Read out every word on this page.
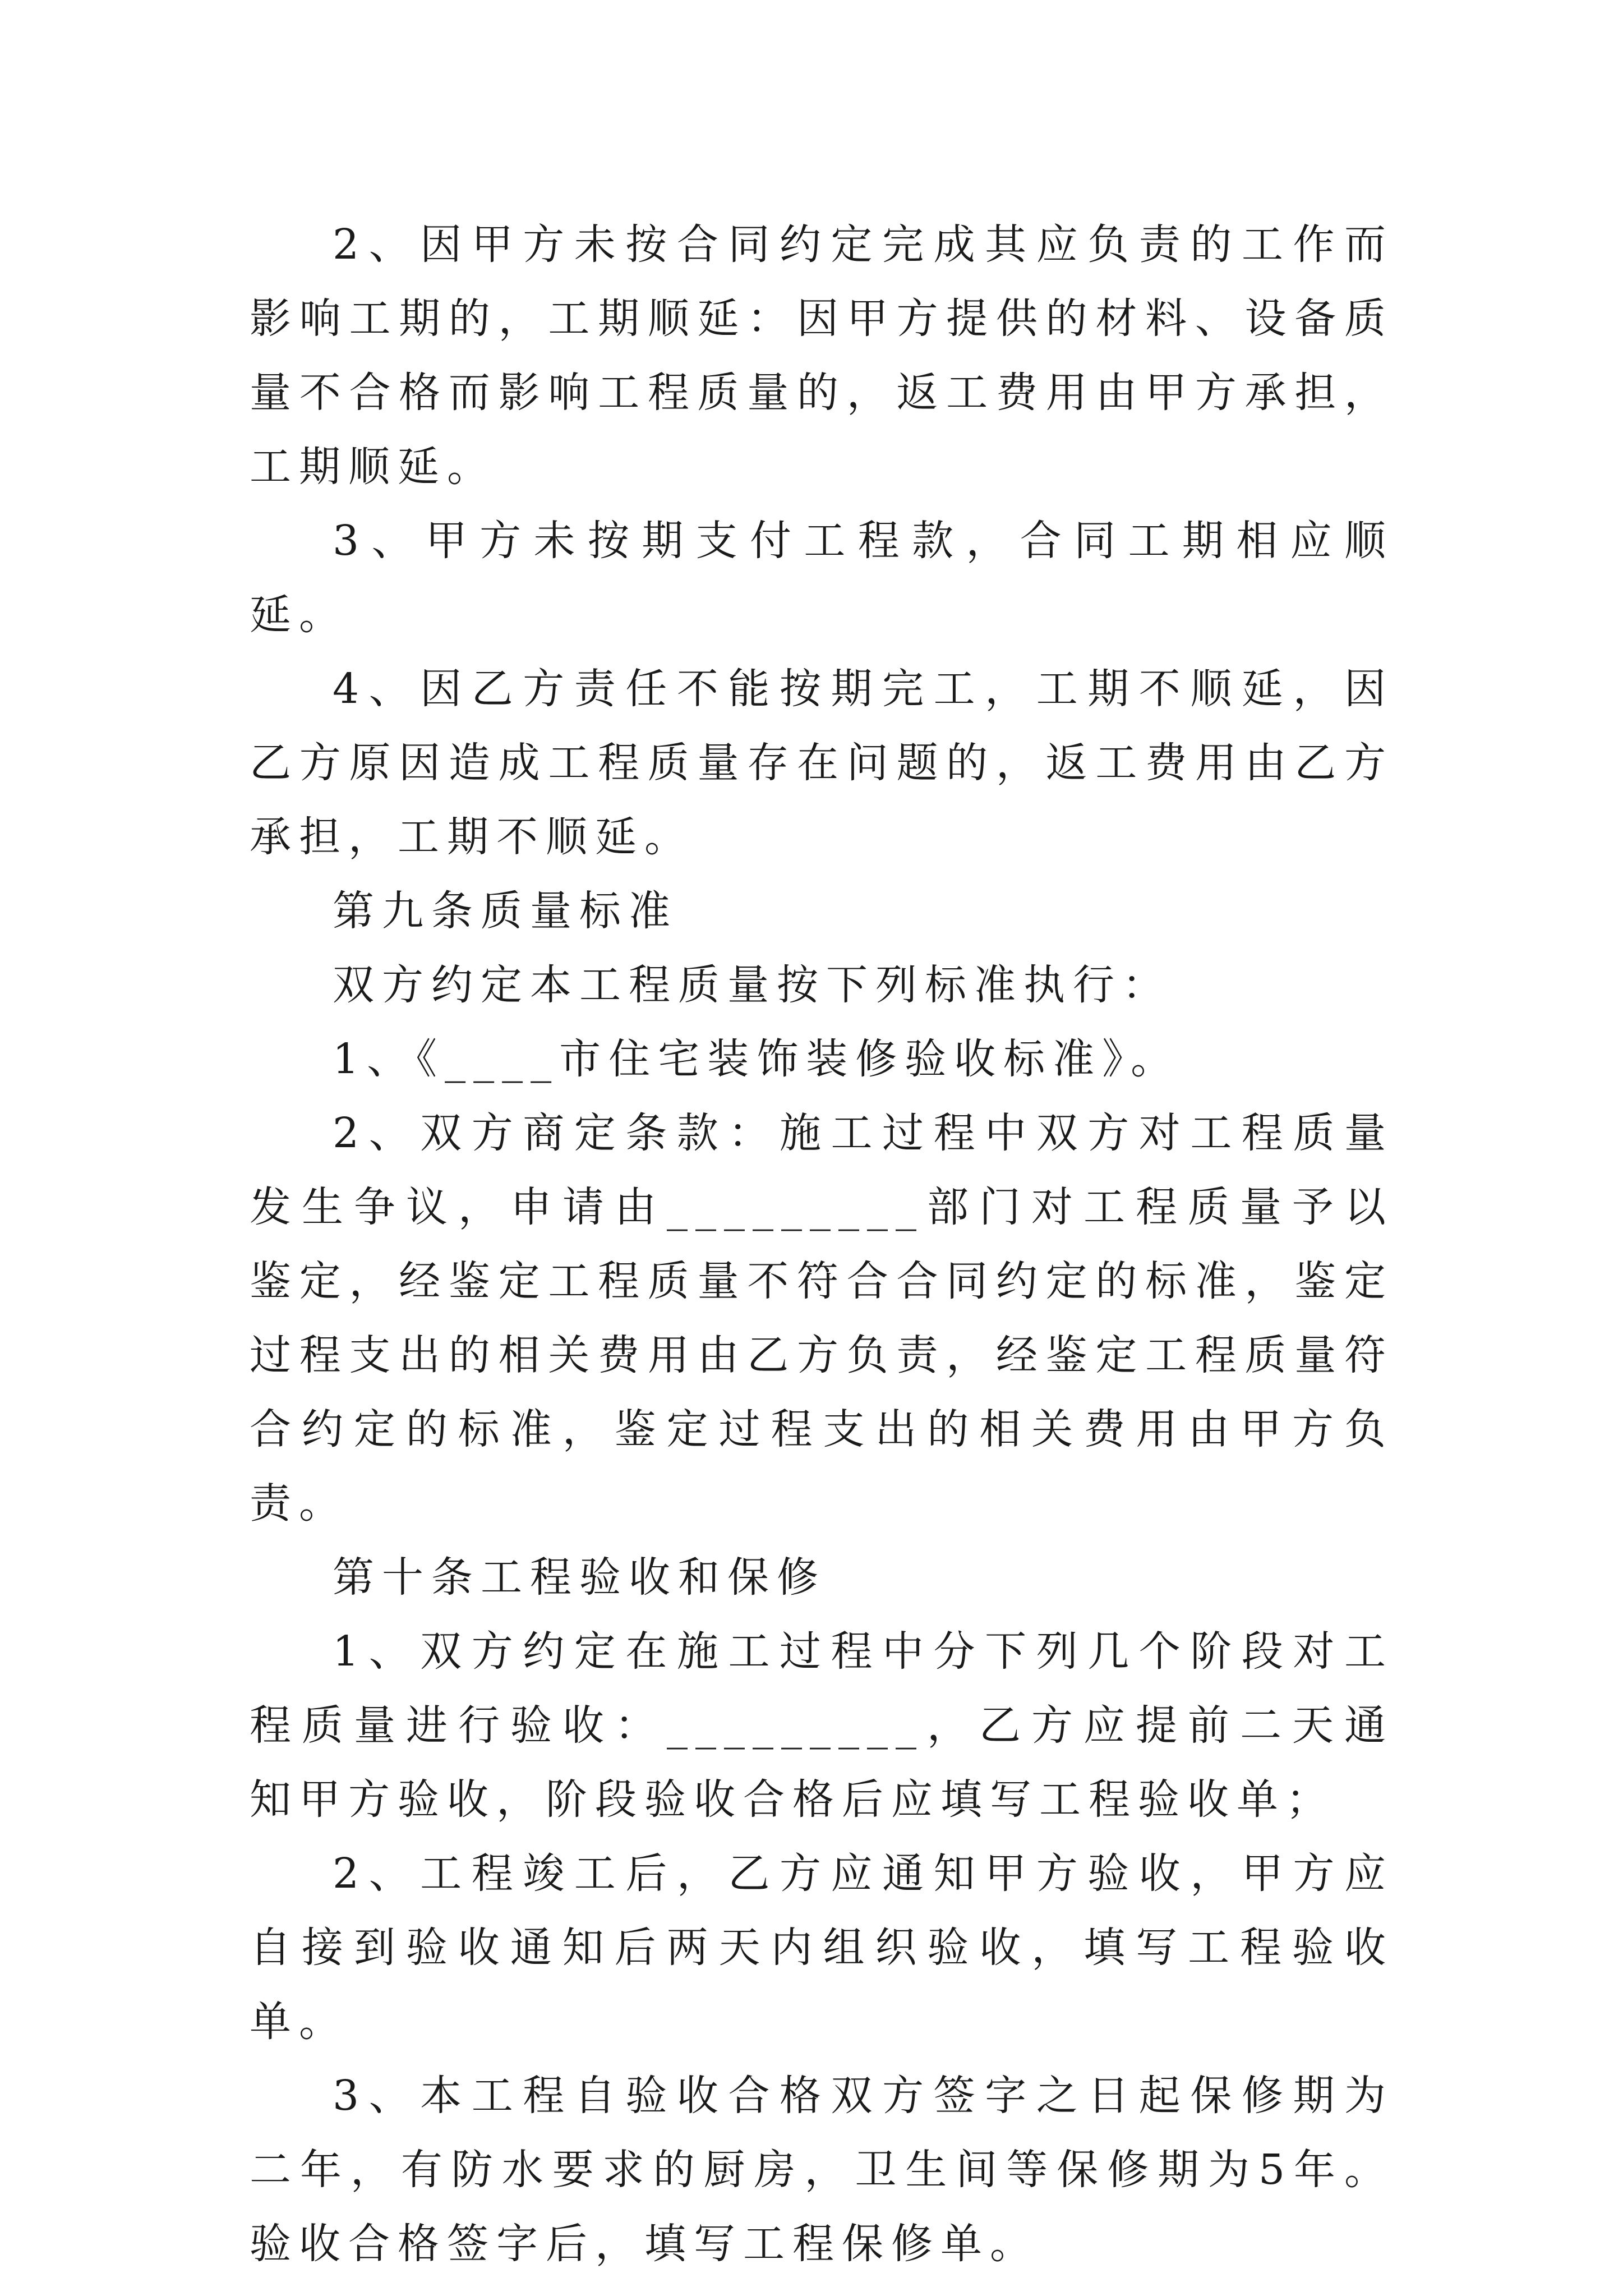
2、因甲方未按合同约定完成其应负责的工作而影响工期的，工期顺延：因甲方提供的材料、设备质量不合格而影响工程质量的，返工费用由甲方承担，工期顺延。

3、甲方未按期支付工程款，合同工期相应顺延。

4、因乙方责任不能按期完工，工期不顺延，因乙方原因造成工程质量存在问题的，返工费用由乙方承担，工期不顺延。

第九条质量标准

双方约定本工程质量按下列标准执行：

1、《____市住宅装饰装修验收标准》。

2、双方商定条款：施工过程中双方对工程质量发生争议，申请由_________部门对工程质量予以鉴定，经鉴定工程质量不符合合同约定的标准，鉴定过程支出的相关费用由乙方负责，经鉴定工程质量符合约定的标准，鉴定过程支出的相关费用由甲方负责。

第十条工程验收和保修

1、双方约定在施工过程中分下列几个阶段对工程质量进行验收：_________，乙方应提前二天通知甲方验收，阶段验收合格后应填写工程验收单；

2、工程竣工后，乙方应通知甲方验收，甲方应自接到验收通知后两天内组织验收，填写工程验收单。

3、本工程自验收合格双方签字之日起保修期为二年，有防水要求的厨房，卫生间等保修期为5年。验收合格签字后，填写工程保修单。
